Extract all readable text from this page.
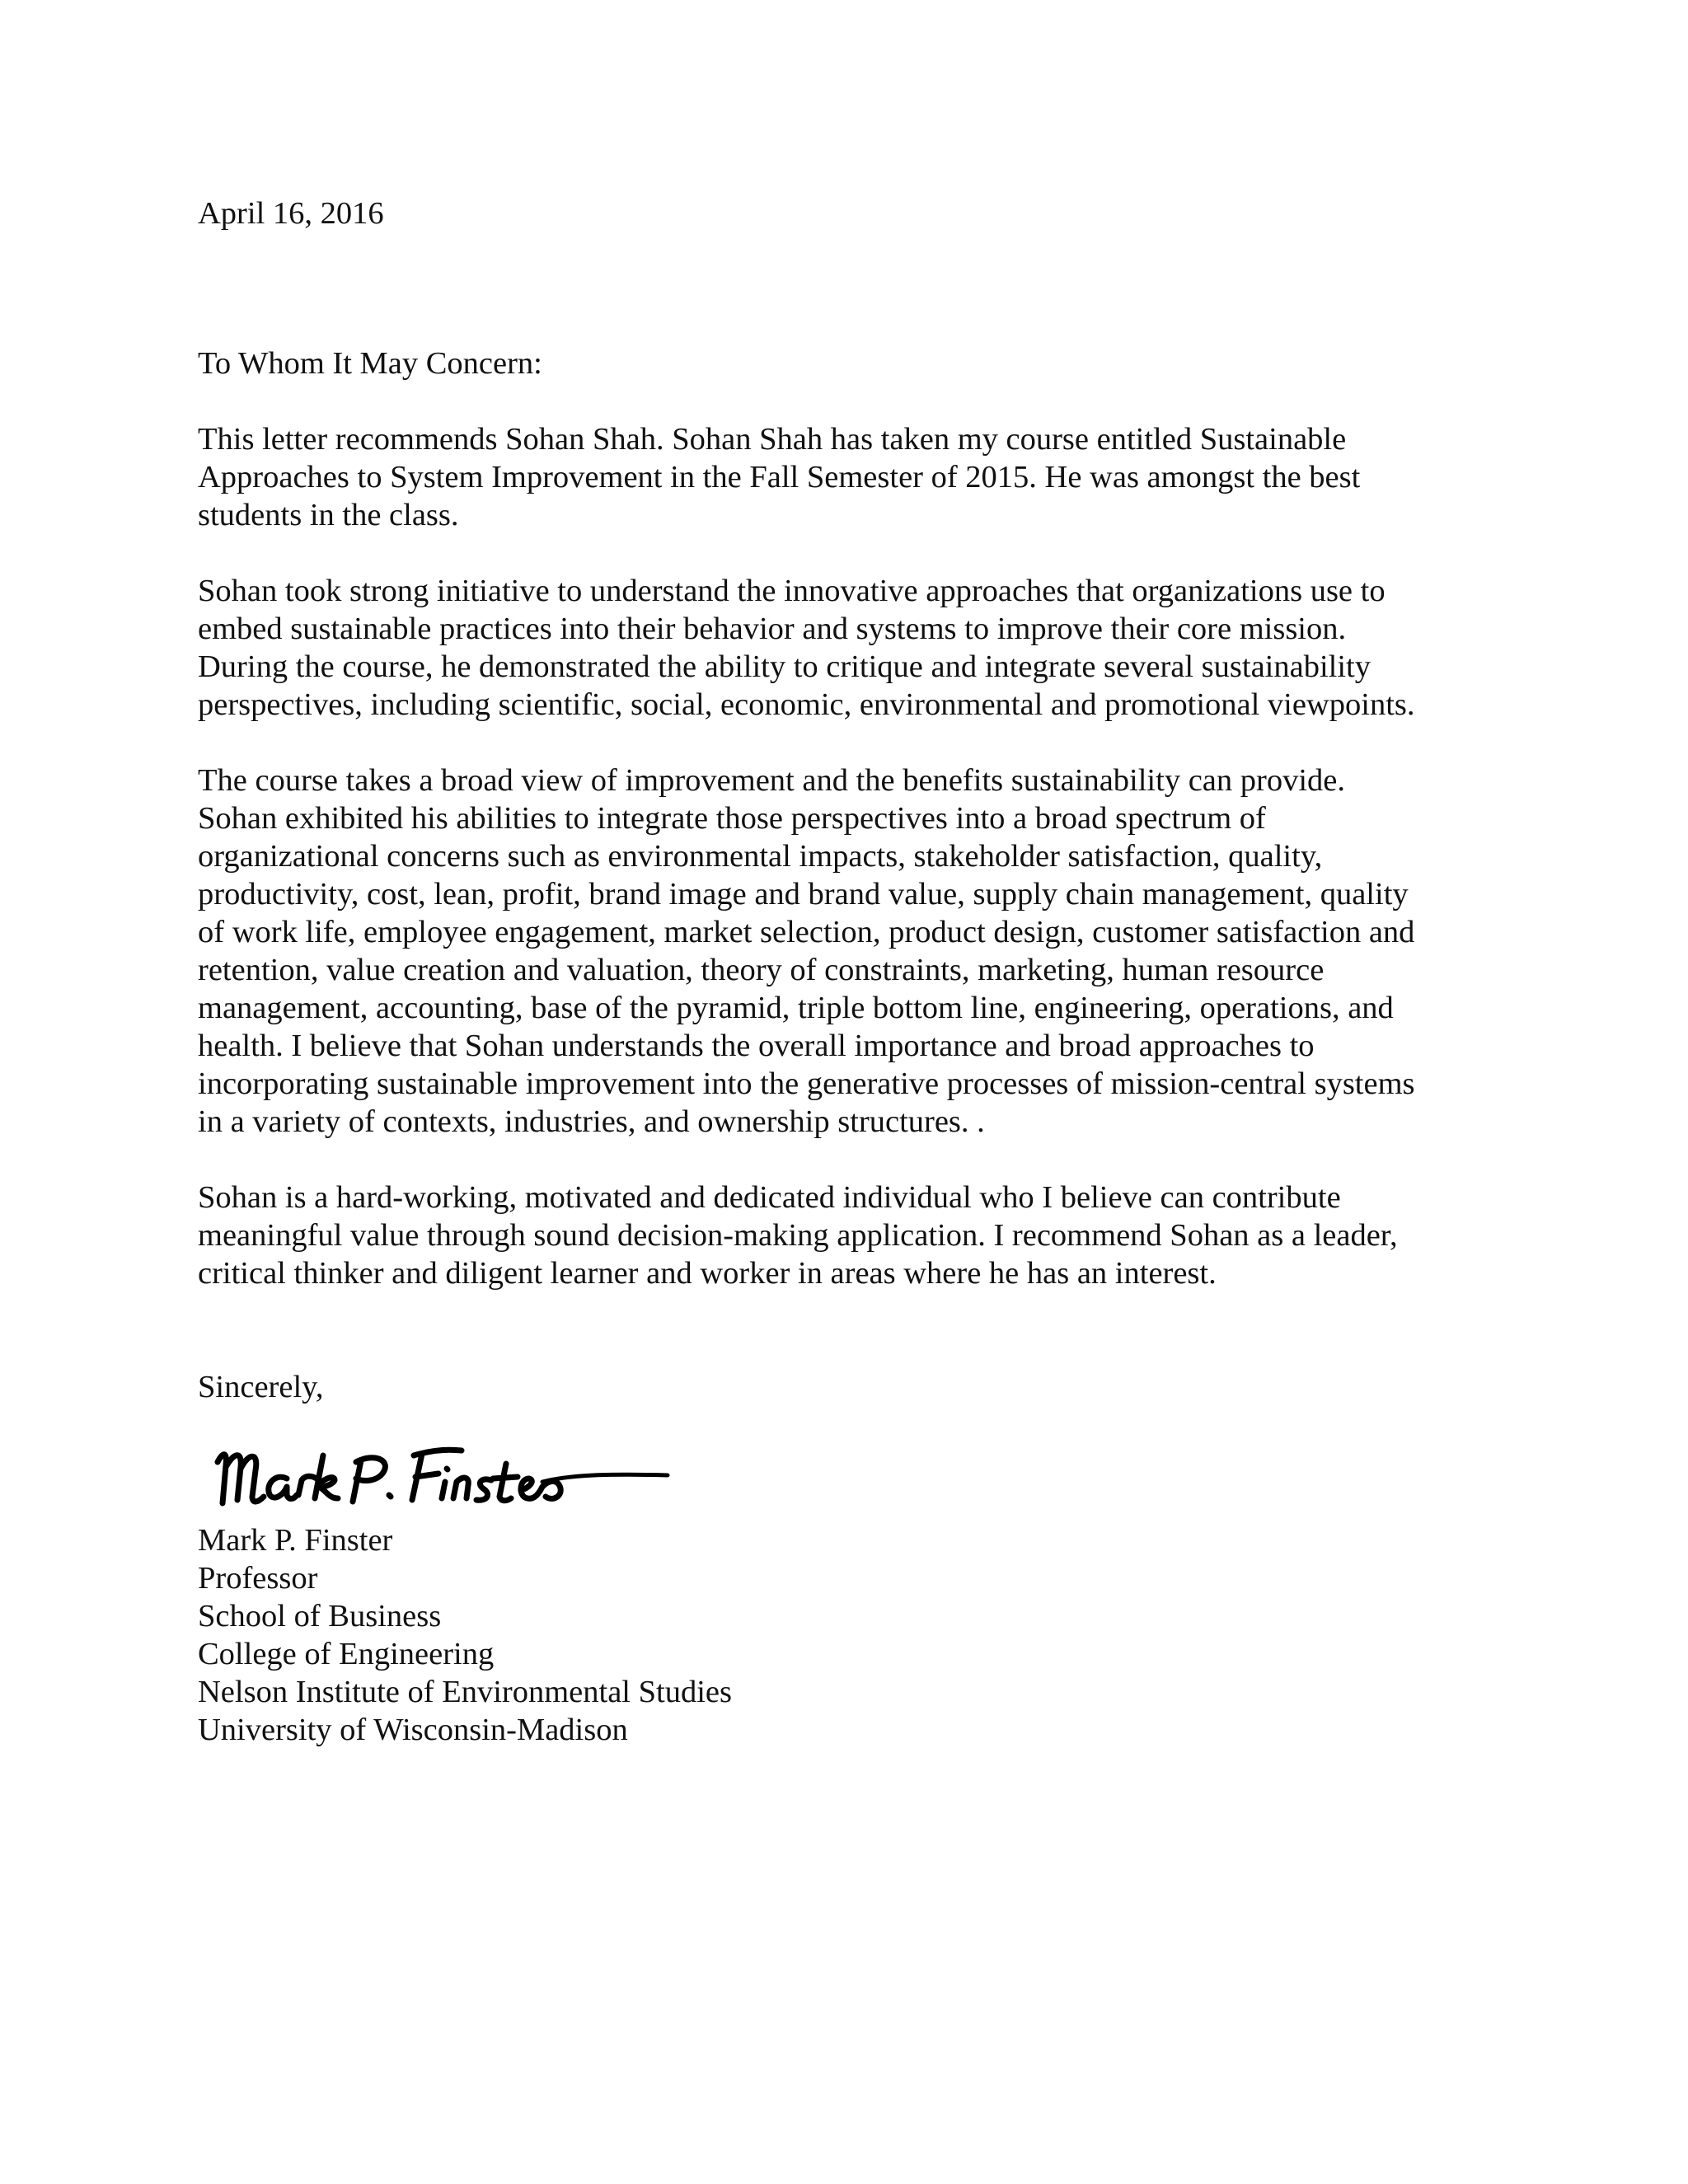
April 16, 2016
To Whom It May Concern:
This letter recommends Sohan Shah. Sohan Shah has taken my course entitled Sustainable
Approaches to System Improvement in the Fall Semester of 2015. He was amongst the best
students in the class.
Sohan took strong initiative to understand the innovative approaches that organizations use to
embed sustainable practices into their behavior and systems to improve their core mission.
During the course, he demonstrated the ability to critique and integrate several sustainability
perspectives, including scientific, social, economic, environmental and promotional viewpoints.
The course takes a broad view of improvement and the benefits sustainability can provide.
Sohan exhibited his abilities to integrate those perspectives into a broad spectrum of
organizational concerns such as environmental impacts, stakeholder satisfaction, quality,
productivity, cost, lean, profit, brand image and brand value, supply chain management, quality
of work life, employee engagement, market selection, product design, customer satisfaction and
retention, value creation and valuation, theory of constraints, marketing, human resource
management, accounting, base of the pyramid, triple bottom line, engineering, operations, and
health. I believe that Sohan understands the overall importance and broad approaches to
incorporating sustainable improvement into the generative processes of mission-central systems
in a variety of contexts, industries, and ownership structures. .
Sohan is a hard-working, motivated and dedicated individual who I believe can contribute
meaningful value through sound decision-making application. I recommend Sohan as a leader,
critical thinker and diligent learner and worker in areas where he has an interest.
Sincerely,
Mark P. Finster
Mark P. Finster
Professor
School of Business
College of Engineering
Nelson Institute of Environmental Studies
University of Wisconsin-Madison
